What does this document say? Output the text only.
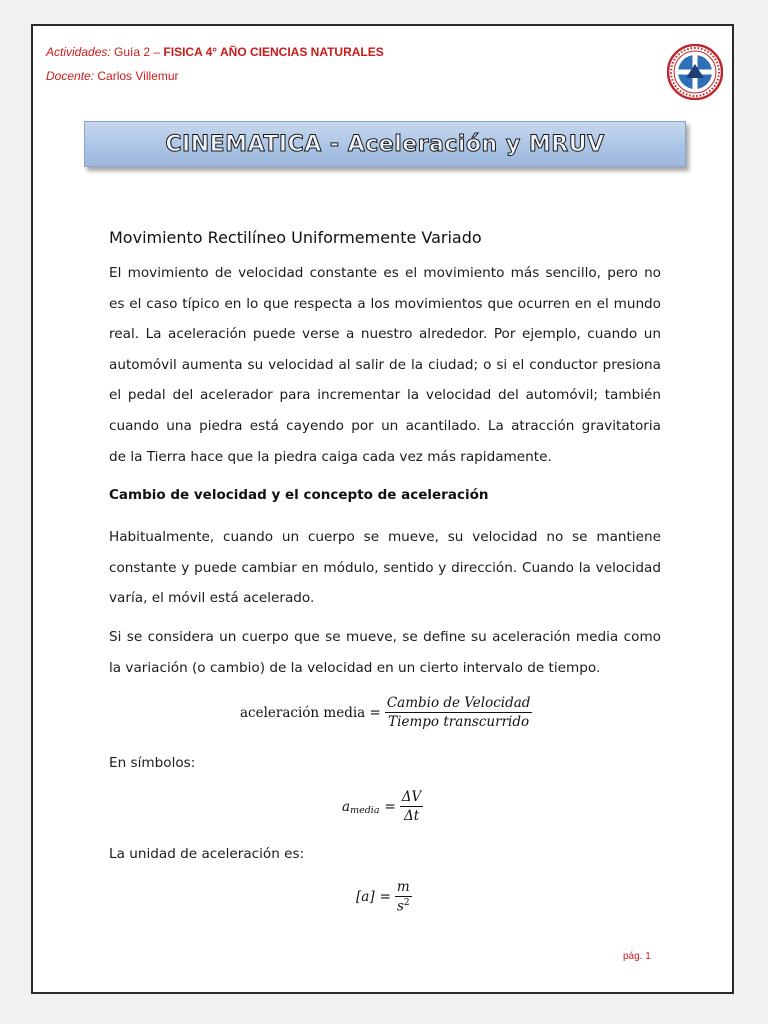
Actividades: Guía 2 – FISICA 4° AÑO CIENCIAS NATURALES
Docente: Carlos Villemur
CINEMATICA - Aceleración y MRUV
Movimiento Rectilíneo Uniformemente Variado
El movimiento de velocidad constante es el movimiento más sencillo, pero no
es el caso típico en lo que respecta a los movimientos que ocurren en el mundo
real. La aceleración puede verse a nuestro alrededor. Por ejemplo, cuando un
automóvil aumenta su velocidad al salir de la ciudad; o si el conductor presiona
el pedal del acelerador para incrementar la velocidad del automóvil; también
cuando una piedra está cayendo por un acantilado. La atracción gravitatoria
de la Tierra hace que la piedra caiga cada vez más rapidamente.
Cambio de velocidad y el concepto de aceleración
Habitualmente, cuando un cuerpo se mueve, su velocidad no se mantiene
constante y puede cambiar en módulo, sentido y dirección. Cuando la velocidad
varía, el móvil está acelerado.
Si se considera un cuerpo que se mueve, se define su aceleración media como
la variación (o cambio) de la velocidad en un cierto intervalo de tiempo.
aceleración media = $\frac{\text{Cambio de Velocidad}}{\text{Tiempo transcurrido}}$
En símbolos:
a media = $\frac{\Delta V}{\Delta t}$
La unidad de aceleración es:
$[a] = \frac{m}{s^2}$
pág. 1
